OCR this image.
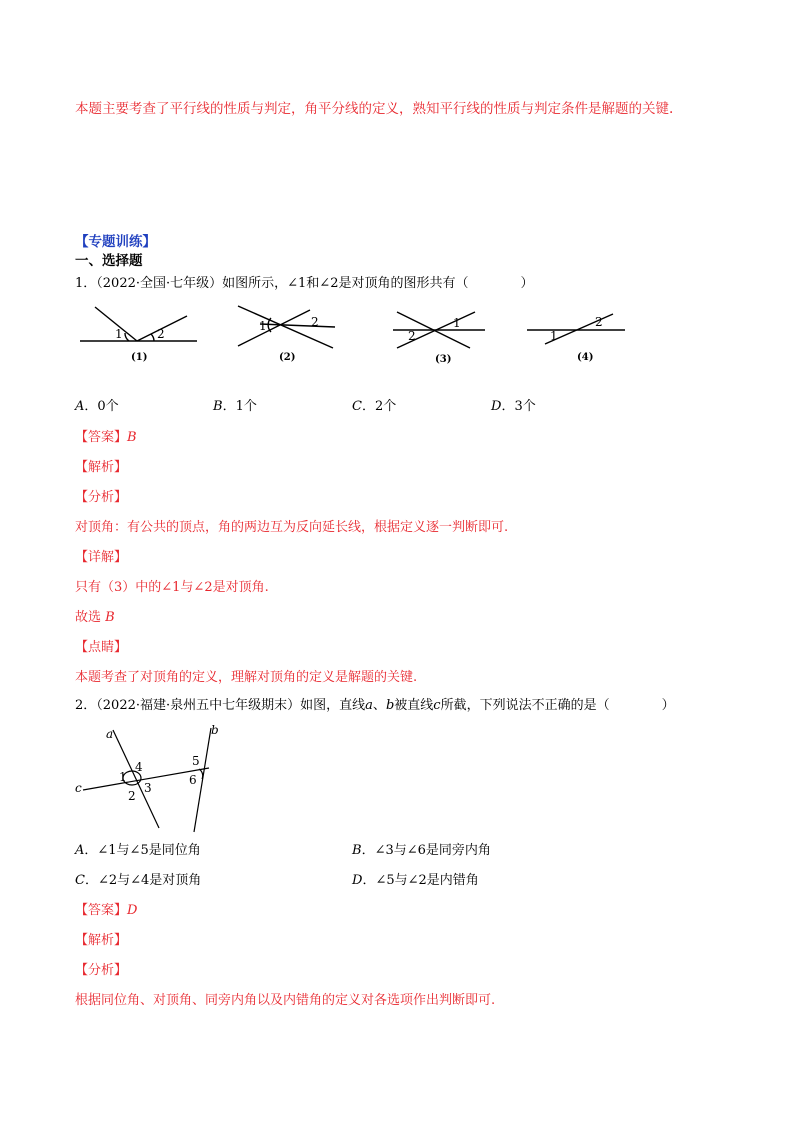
本题主要考查了平行线的性质与判定，角平分线的定义，熟知平行线的性质与判定条件是解题的关键.
【专题训练】
一、选择题
1．（2022·全国·七年级）如图所示，∠1和∠2是对顶角的图形共有（　　　　）
1	2
(1)
1	2
(2)
1
2
(3)
1
2
(4)
A．0个	B．1个	C．2个	D．3个
【答案】B
【解析】
【分析】
对顶角：有公共的顶点，角的两边互为反向延长线，根据定义逐一判断即可.
【详解】
只有（3）中的∠1与∠2是对顶角.
故选 B
【点睛】
本题考查了对顶角的定义，理解对顶角的定义是解题的关键.
2．（2022·福建·泉州五中七年级期末）如图，直线a、b被直线c所截，下列说法不正确的是（　　　　）
a	b
c
1
2
3
4	5
6
A．∠1与∠5是同位角	B．∠3与∠6是同旁内角
C．∠2与∠4是对顶角	D．∠5与∠2是内错角
【答案】D
【解析】
【分析】
根据同位角、对顶角、同旁内角以及内错角的定义对各选项作出判断即可.
